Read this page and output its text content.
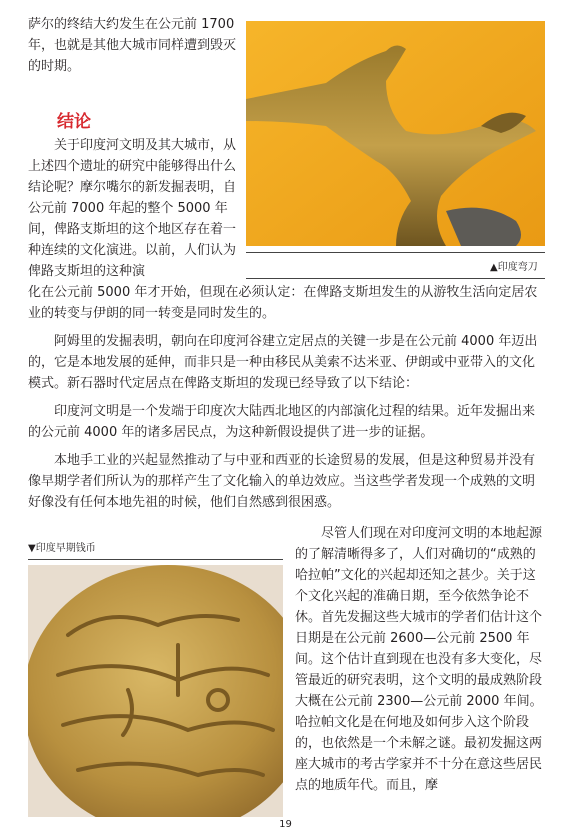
萨尔的终结大约发生在公元前 1700 年，也就是其他大城市同样遭到毁灭的时期。

结论

关于印度河文明及其大城市，从上述四个遗址的研究中能够得出什么结论呢？摩尔嘴尔的新发掘表明，自公元前 7000 年起的整个 5000 年间，俾路支斯坦的这个地区存在着一种连续的文化演进。以前，人们认为俾路支斯坦的这种演

化在公元前 5000 年才开始，但现在必须认定：在俾路支斯坦发生的从游牧生活向定居农业的转变与伊朗的同一转变是同时发生的。

阿姆里的发掘表明，朝向在印度河谷建立定居点的关键一步是在公元前 4000 年迈出的，它是本地发展的延伸，而非只是一种由移民从美索不达米亚、伊朗或中亚带入的文化模式。新石器时代定居点在俾路支斯坦的发现已经导致了以下结论：

印度河文明是一个发端于印度次大陆西北地区的内部演化过程的结果。近年发掘出来的公元前 4000 年的诸多居民点，为这种新假设提供了进一步的证据。

本地手工业的兴起显然推动了与中亚和西亚的长途贸易的发展，但是这种贸易并没有像早期学者们所认为的那样产生了文化输入的单边效应。当这些学者发现一个成熟的文明好像没有任何本地先祖的时候，他们自然感到很困惑。

尽管人们现在对印度河文明的本地起源的了解清晰得多了，人们对确切的“成熟的哈拉帕”文化的兴起却还知之甚少。关于这个文化兴起的准确日期，至今依然争论不休。首先发掘这些大城市的学者们估计这个日期是在公元前 2600—公元前 2500 年间。这个估计直到现在也没有多大变化，尽管最近的研究表明，这个文明的最成熟阶段大概在公元前 2300—公元前 2000 年间。哈拉帕文化是在何地及如何步入这个阶段的，也依然是一个未解之谜。最初发掘这两座大城市的考古学家并不十分在意这些居民点的地质年代。而且，摩

▲印度弯刀
▼印度早期钱币
19
